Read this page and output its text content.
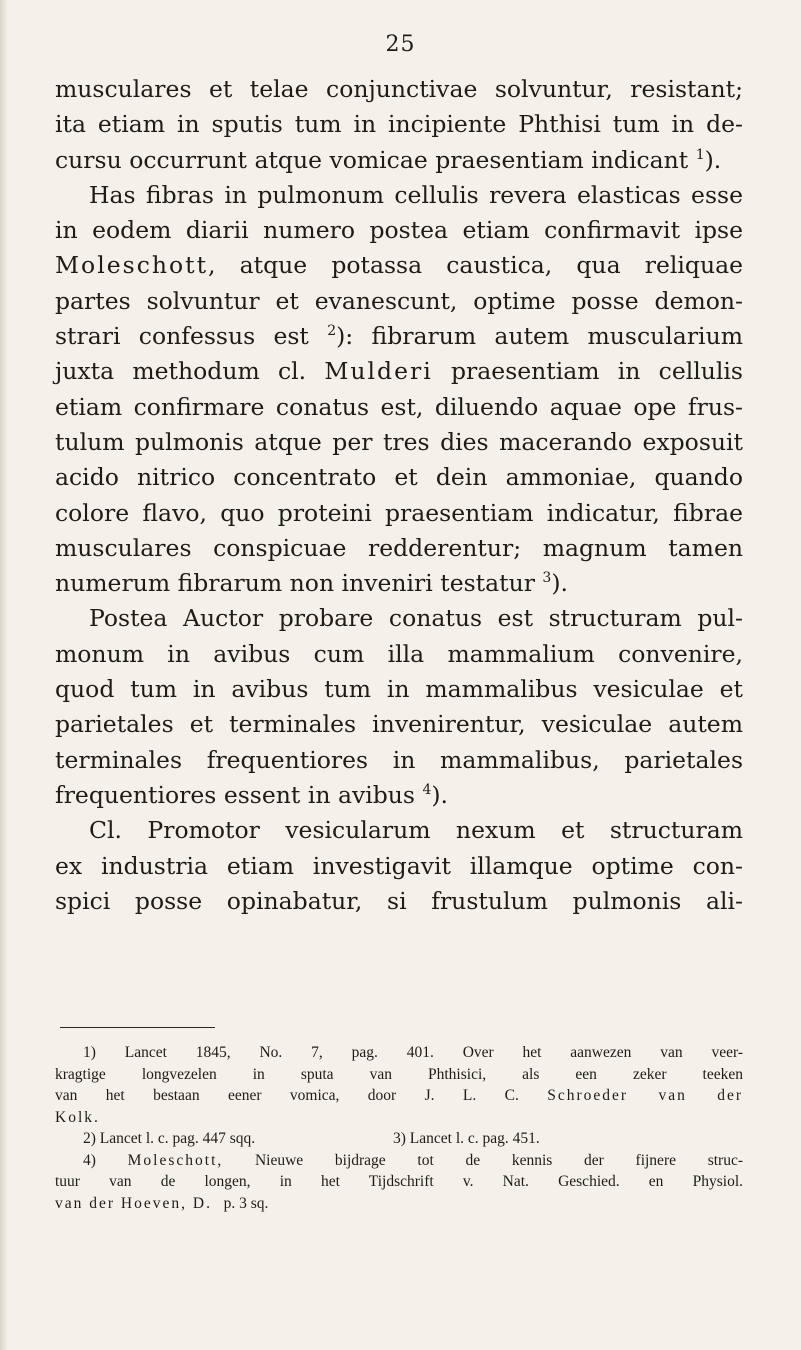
25
musculares et telae conjunctivae solvuntur, resistant;
ita etiam in sputis tum in incipiente Phthisi tum in de-
cursu occurrunt atque vomicae praesentiam indicant $^1$).
Has fibras in pulmonum cellulis revera elasticas esse
in eodem diarii numero postea etiam confirmavit ipse
Moleschott, atque potassa caustica, qua reliquae
partes solvuntur et evanescunt, optime posse demon-
strari confessus est $^2$): fibrarum autem muscularium
juxta methodum cl. Mulderi praesentiam in cellulis
etiam confirmare conatus est, diluendo aquae ope frus-
tulum pulmonis atque per tres dies macerando exposuit
acido nitrico concentrato et dein ammoniae, quando
colore flavo, quo proteini praesentiam indicatur, fibrae
musculares conspicuae redderentur; magnum tamen
numerum fibrarum non inveniri testatur $^3$).
Postea Auctor probare conatus est structuram pul-
monum in avibus cum illa mammalium convenire,
quod tum in avibus tum in mammalibus vesiculae et
parietales et terminales invenirentur, vesiculae autem
terminales frequentiores in mammalibus, parietales
frequentiores essent in avibus $^4$).
Cl. Promotor vesicularum nexum et structuram
ex industria etiam investigavit illamque optime con-
spici posse opinabatur, si frustulum pulmonis ali-
1) Lancet 1845, No. 7, pag. 401. Over het aanwezen van veer-
kragtige longvezelen in sputa van Phthisici, als een zeker teeken
van het bestaan eener vomica, door J. L. C. Schroeder van der
Kolk.
2) Lancet l. c. pag. 447 sqq.	3) Lancet l. c. pag. 451.
4) Moleschott, Nieuwe bijdrage tot de kennis der fijnere struc-
tuur van de longen, in het Tijdschrift v. Nat. Geschied. en Physiol.
van der Hoeven, D. p. 3 sq.
